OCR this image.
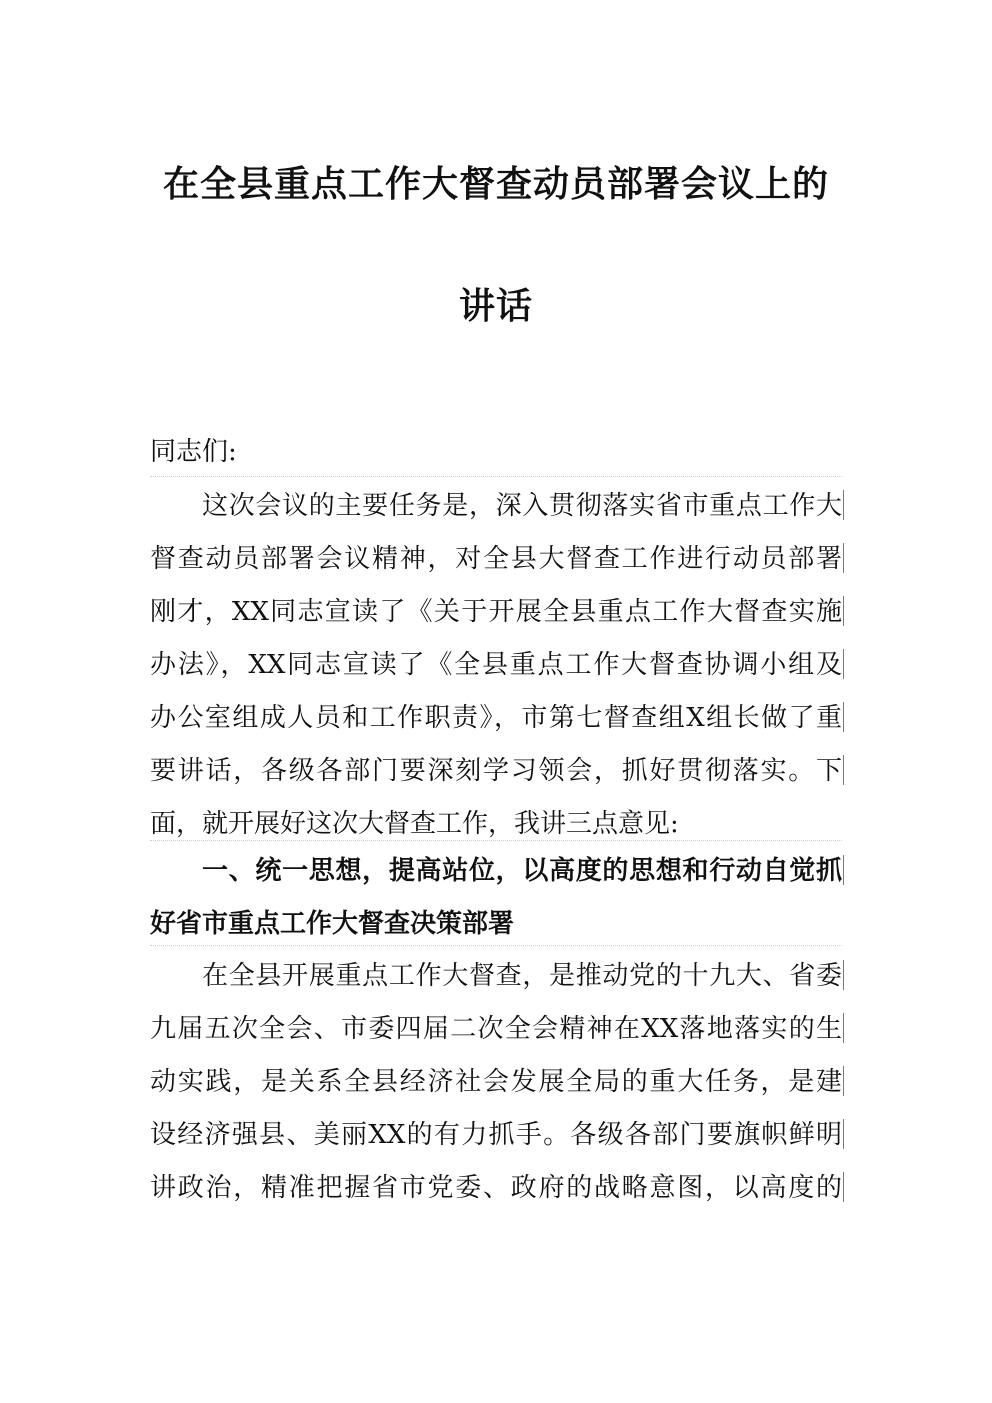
在全县重点工作大督查动员部署会议上的
讲话
同志们:
这次会议的主要任务是，深入贯彻落实省市重点工作大
督查动员部署会议精神，对全县大督查工作进行动员部署
刚才，XX同志宣读了《关于开展全县重点工作大督查实施
办法》，XX同志宣读了《全县重点工作大督查协调小组及
办公室组成人员和工作职责》，市第七督查组X组长做了重
要讲话，各级各部门要深刻学习领会，抓好贯彻落实。下
面，就开展好这次大督查工作，我讲三点意见:
一、统一思想，提高站位，以高度的思想和行动自觉抓
好省市重点工作大督查决策部署
在全县开展重点工作大督查，是推动党的十九大、省委
九届五次全会、市委四届二次全会精神在XX落地落实的生
动实践，是关系全县经济社会发展全局的重大任务，是建
设经济强县、美丽XX的有力抓手。各级各部门要旗帜鲜明
讲政治，精准把握省市党委、政府的战略意图，以高度的
